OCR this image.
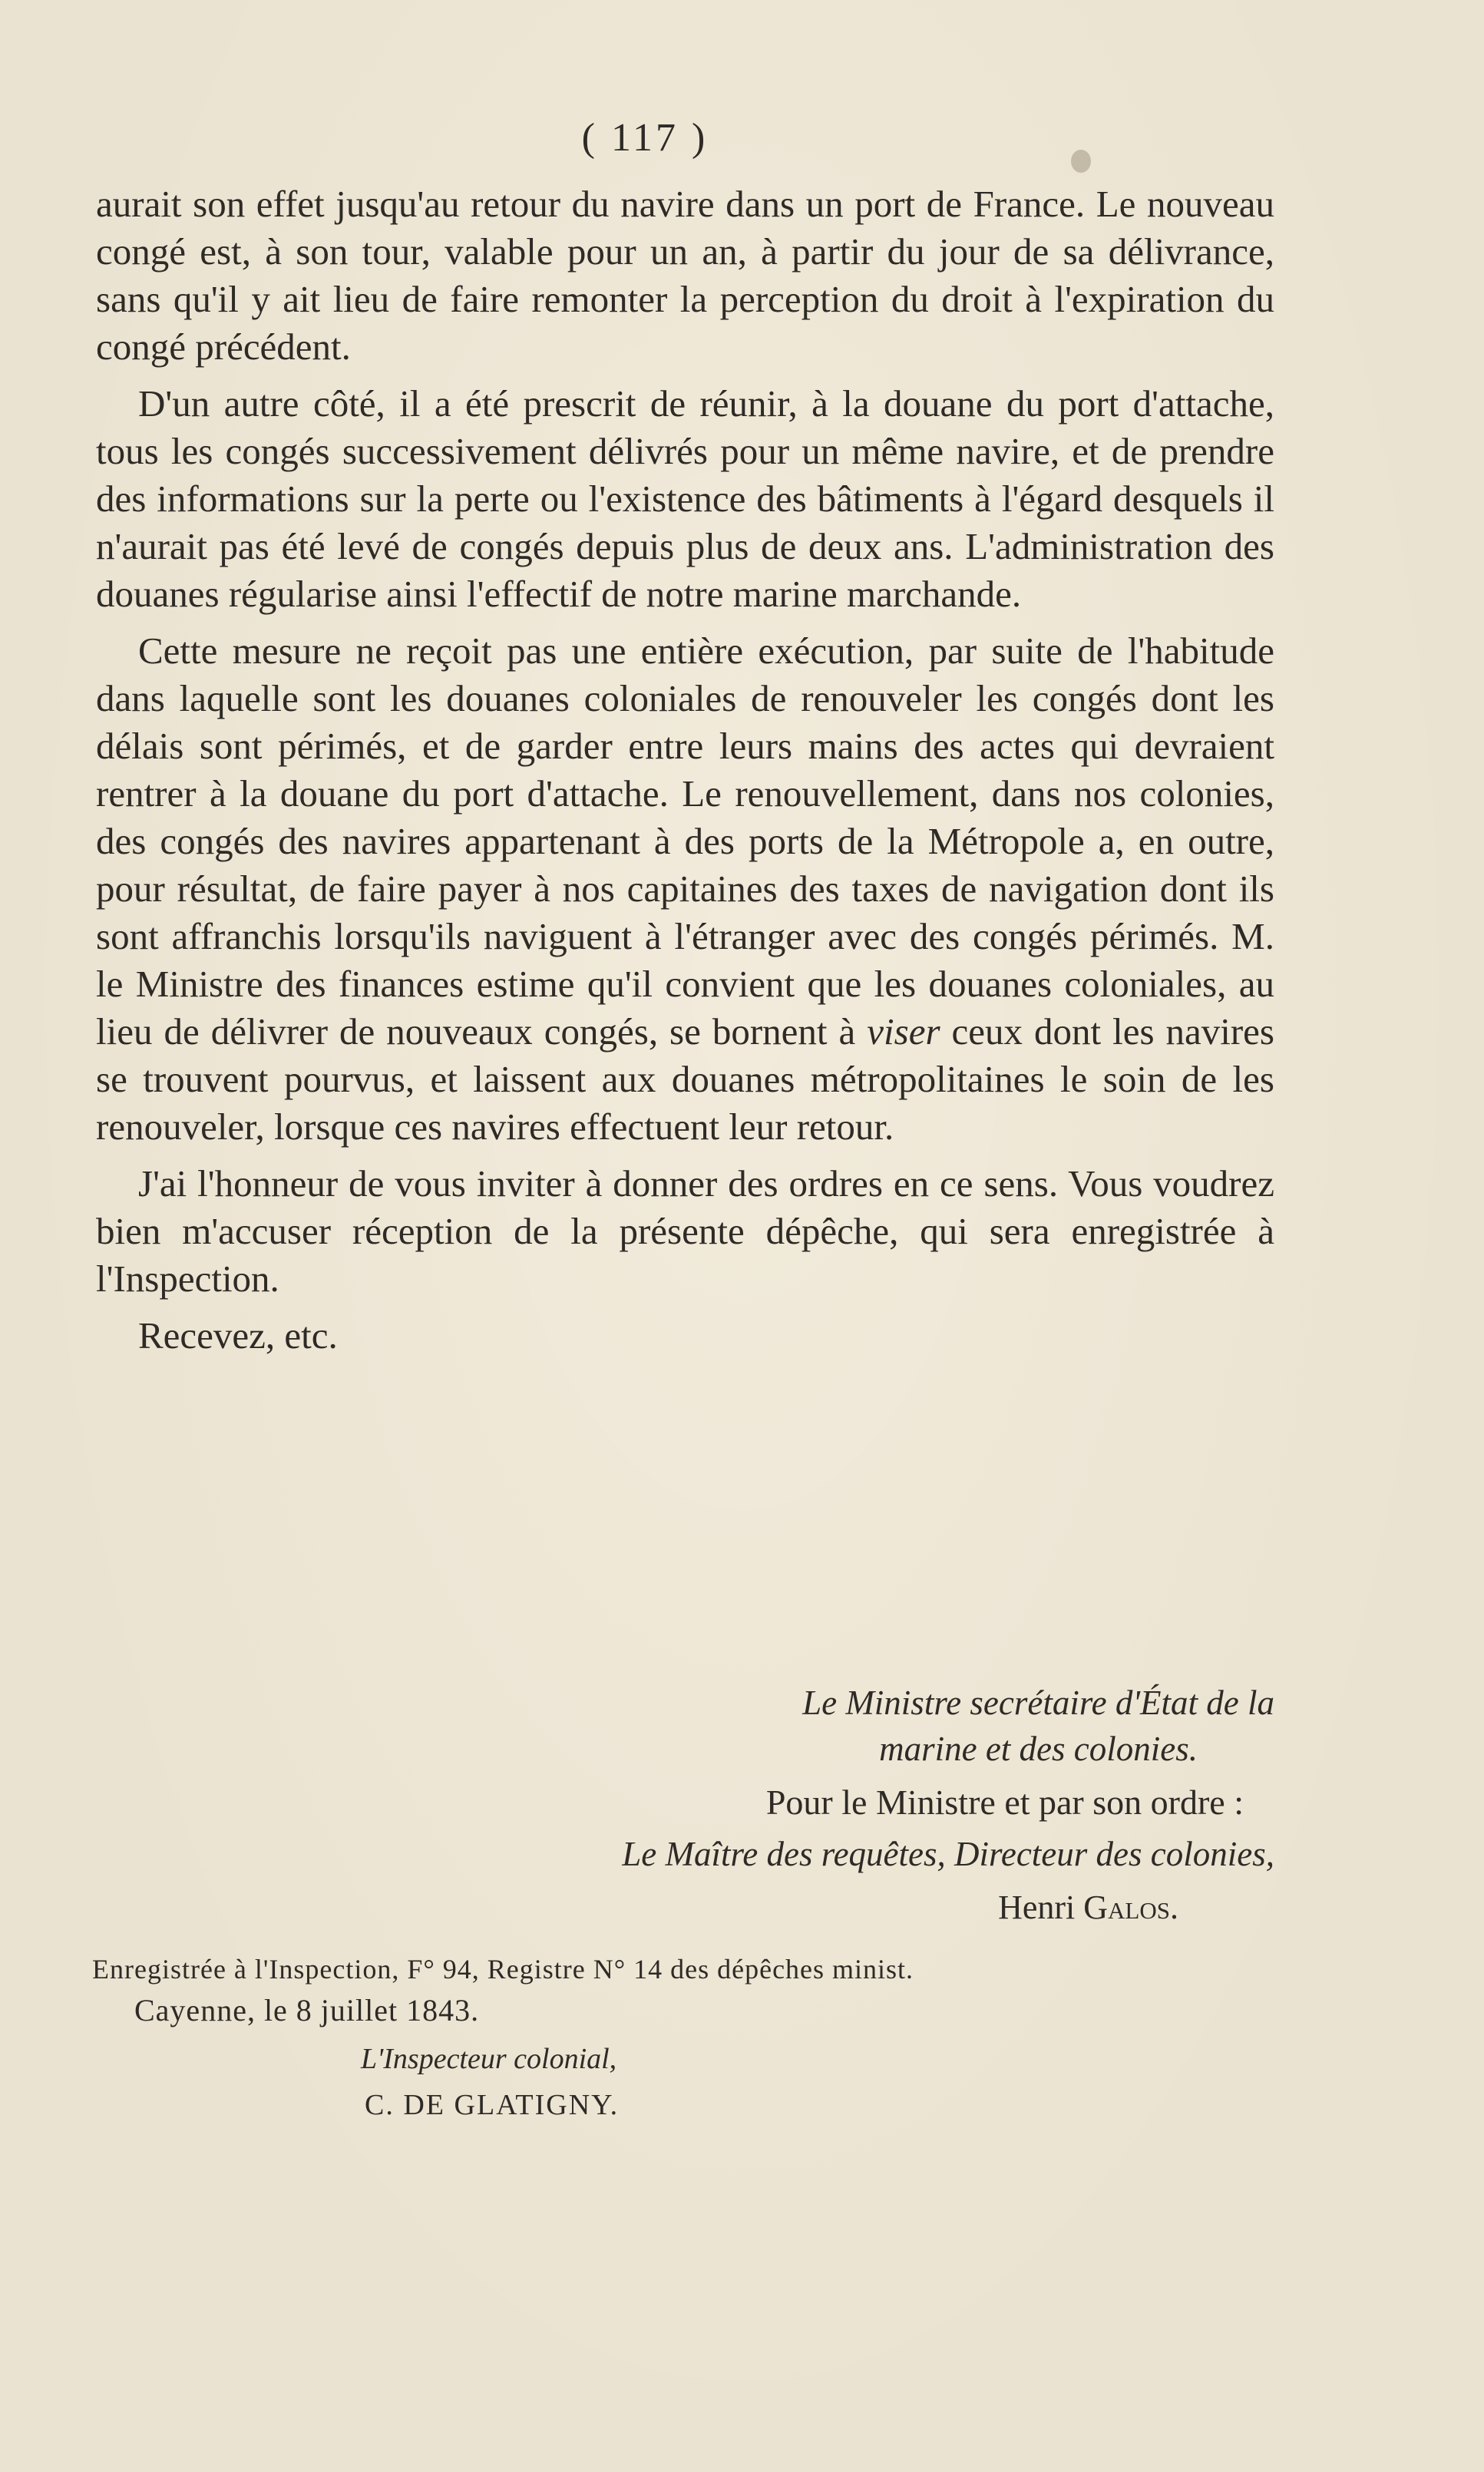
( 117 )

aurait son effet jusqu'au retour du navire dans un port de France. Le nouveau congé est, à son tour, valable pour un an, à partir du jour de sa délivrance, sans qu'il y ait lieu de faire remonter la perception du droit à l'expiration du congé précédent.

D'un autre côté, il a été prescrit de réunir, à la douane du port d'attache, tous les congés successivement délivrés pour un même navire, et de prendre des informations sur la perte ou l'existence des bâtiments à l'égard desquels il n'aurait pas été levé de congés depuis plus de deux ans. L'administration des douanes régularise ainsi l'effectif de notre marine marchande.

Cette mesure ne reçoit pas une entière exécution, par suite de l'habitude dans laquelle sont les douanes coloniales de renouveler les congés dont les délais sont périmés, et de garder entre leurs mains des actes qui devraient rentrer à la douane du port d'attache. Le renouvellement, dans nos colonies, des congés des navires appartenant à des ports de la Métropole a, en outre, pour résultat, de faire payer à nos capitaines des taxes de navigation dont ils sont affranchis lorsqu'ils naviguent à l'étranger avec des congés périmés. M. le Ministre des finances estime qu'il convient que les douanes coloniales, au lieu de délivrer de nouveaux congés, se bornent à viser ceux dont les navires se trouvent pourvus, et laissent aux douanes métropolitaines le soin de les renouveler, lorsque ces navires effectuent leur retour.

J'ai l'honneur de vous inviter à donner des ordres en ce sens. Vous voudrez bien m'accuser réception de la présente dépêche, qui sera enregistrée à l'Inspection.

Recevez, etc.

Le Ministre secrétaire d'État de la
marine et des colonies.
Pour le Ministre et par son ordre :
Le Maître des requêtes, Directeur des colonies,
Henri Galos.
Enregistrée à l'Inspection, F° 94, Registre N° 14 des dépêches minist.
Cayenne, le 8 juillet 1843.
L'Inspecteur colonial,
C. DE GLATIGNY.
